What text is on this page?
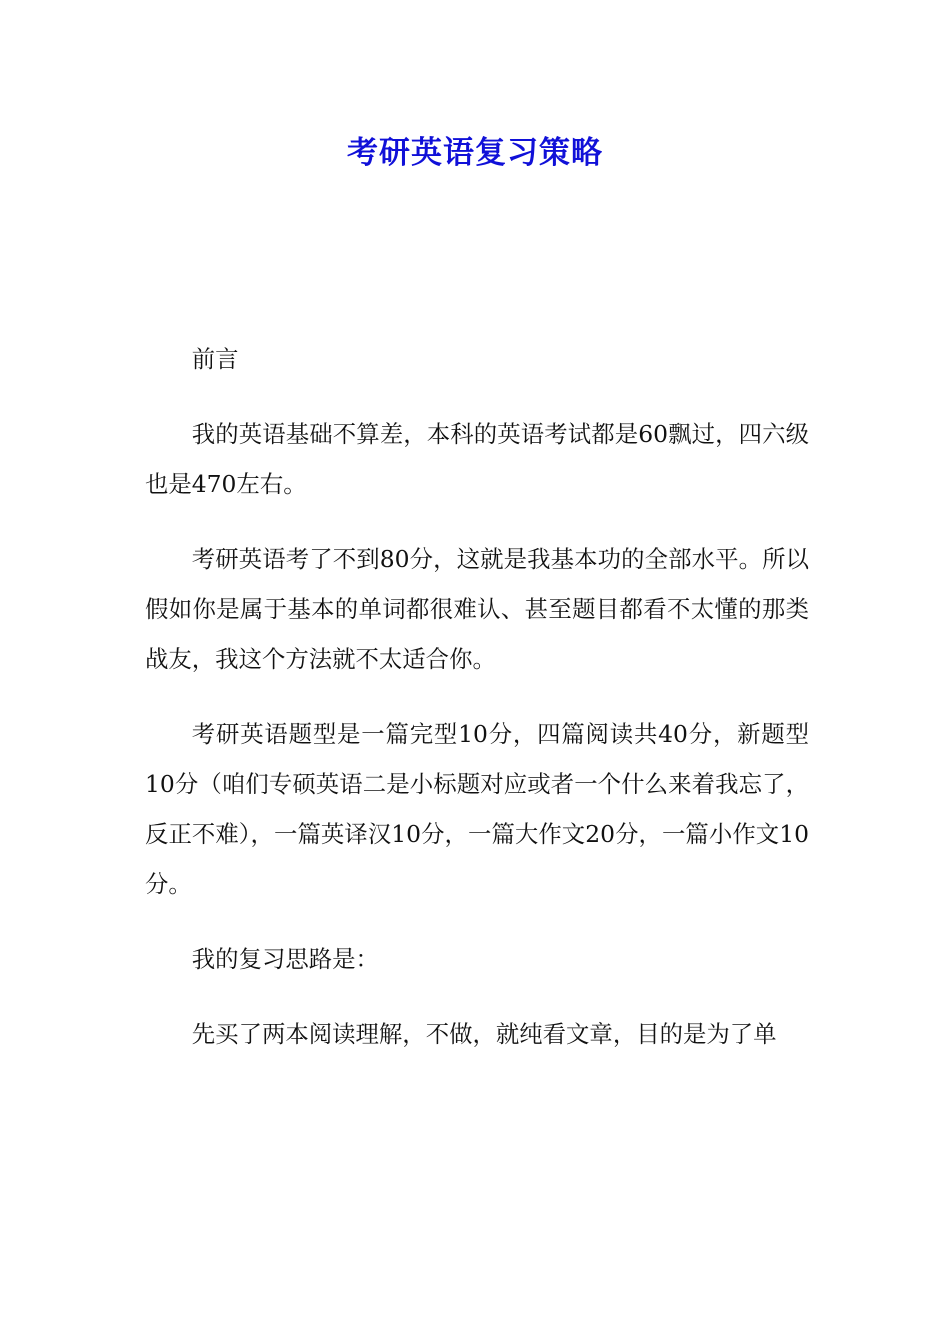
考研英语复习策略

前言

我的英语基础不算差，本科的英语考试都是60飘过，四六级也是470左右。

考研英语考了不到80分，这就是我基本功的全部水平。所以假如你是属于基本的单词都很难认、甚至题目都看不太懂的那类战友，我这个方法就不太适合你。

考研英语题型是一篇完型10分，四篇阅读共40分，新题型10分（咱们专硕英语二是小标题对应或者一个什么来着我忘了，反正不难），一篇英译汉10分，一篇大作文20分，一篇小作文10分。

我的复习思路是：

先买了两本阅读理解，不做，就纯看文章，目的是为了单
